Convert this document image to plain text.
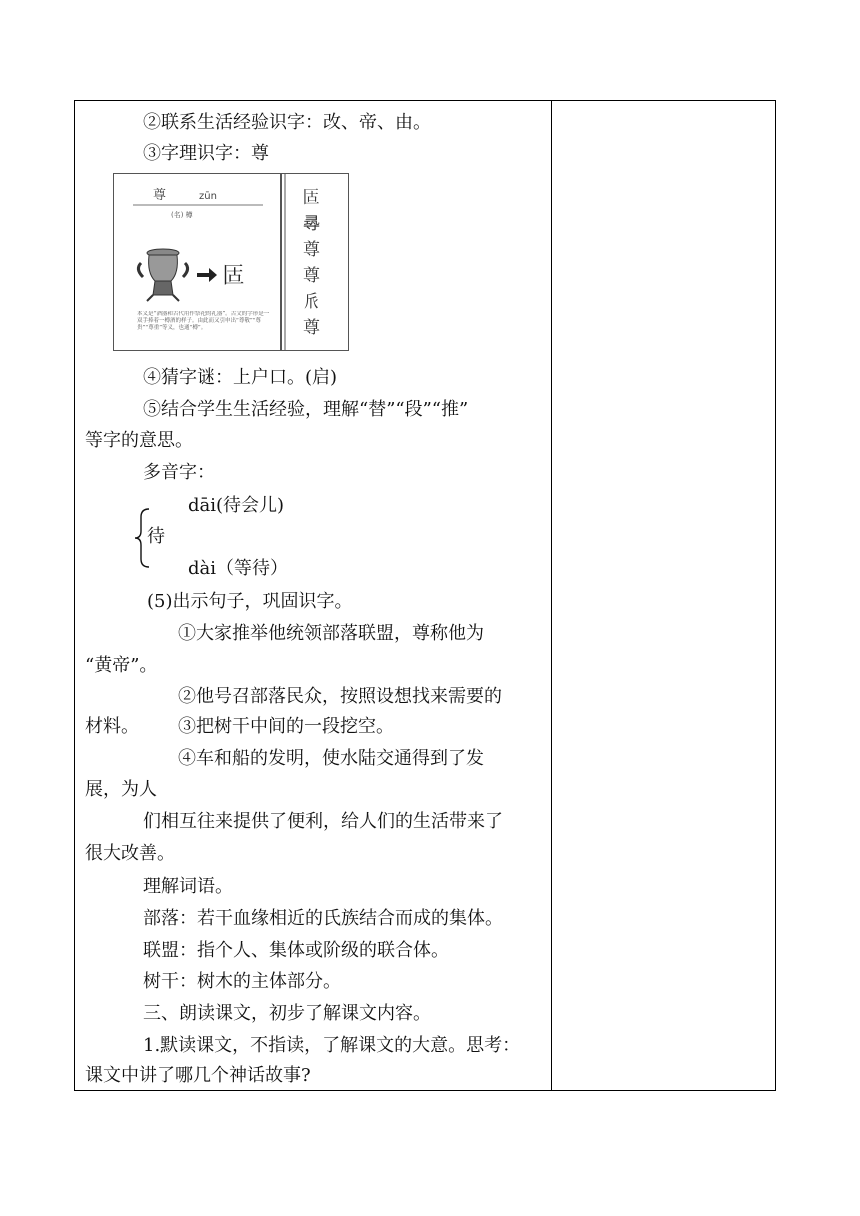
②联系生活经验识字：改、帝、由。
③字理识字：尊
尊	zūn
(名) 樽
𠤳
本义是“酒器和古代用作祭祀的礼器”。古文的字形是一双手捧着一樽酒的样子。由此而又引申出“尊敬”“尊贵”“尊重”等义，也通“樽”。
𠤳
𡬶
尊
尊
𠂢
尊
④猜字谜：上户口。(启)
⑤结合学生生活经验，理解“替”“段”“推”
等字的意思。
多音字：
dāi(待会儿)
待
dài（等待）
(5)出示句子，巩固识字。
①大家推举他统领部落联盟，尊称他为
“黄帝”。
②他号召部落民众，按照设想找来需要的
材料。 ③把树干中间的一段挖空。
④车和船的发明，使水陆交通得到了发
展，为人
们相互往来提供了便利，给人们的生活带来了
很大改善。
理解词语。
部落：若干血缘相近的氏族结合而成的集体。
联盟：指个人、集体或阶级的联合体。
树干：树木的主体部分。
三、朗读课文，初步了解课文内容。
1.默读课文，不指读，了解课文的大意。思考：
课文中讲了哪几个神话故事?
